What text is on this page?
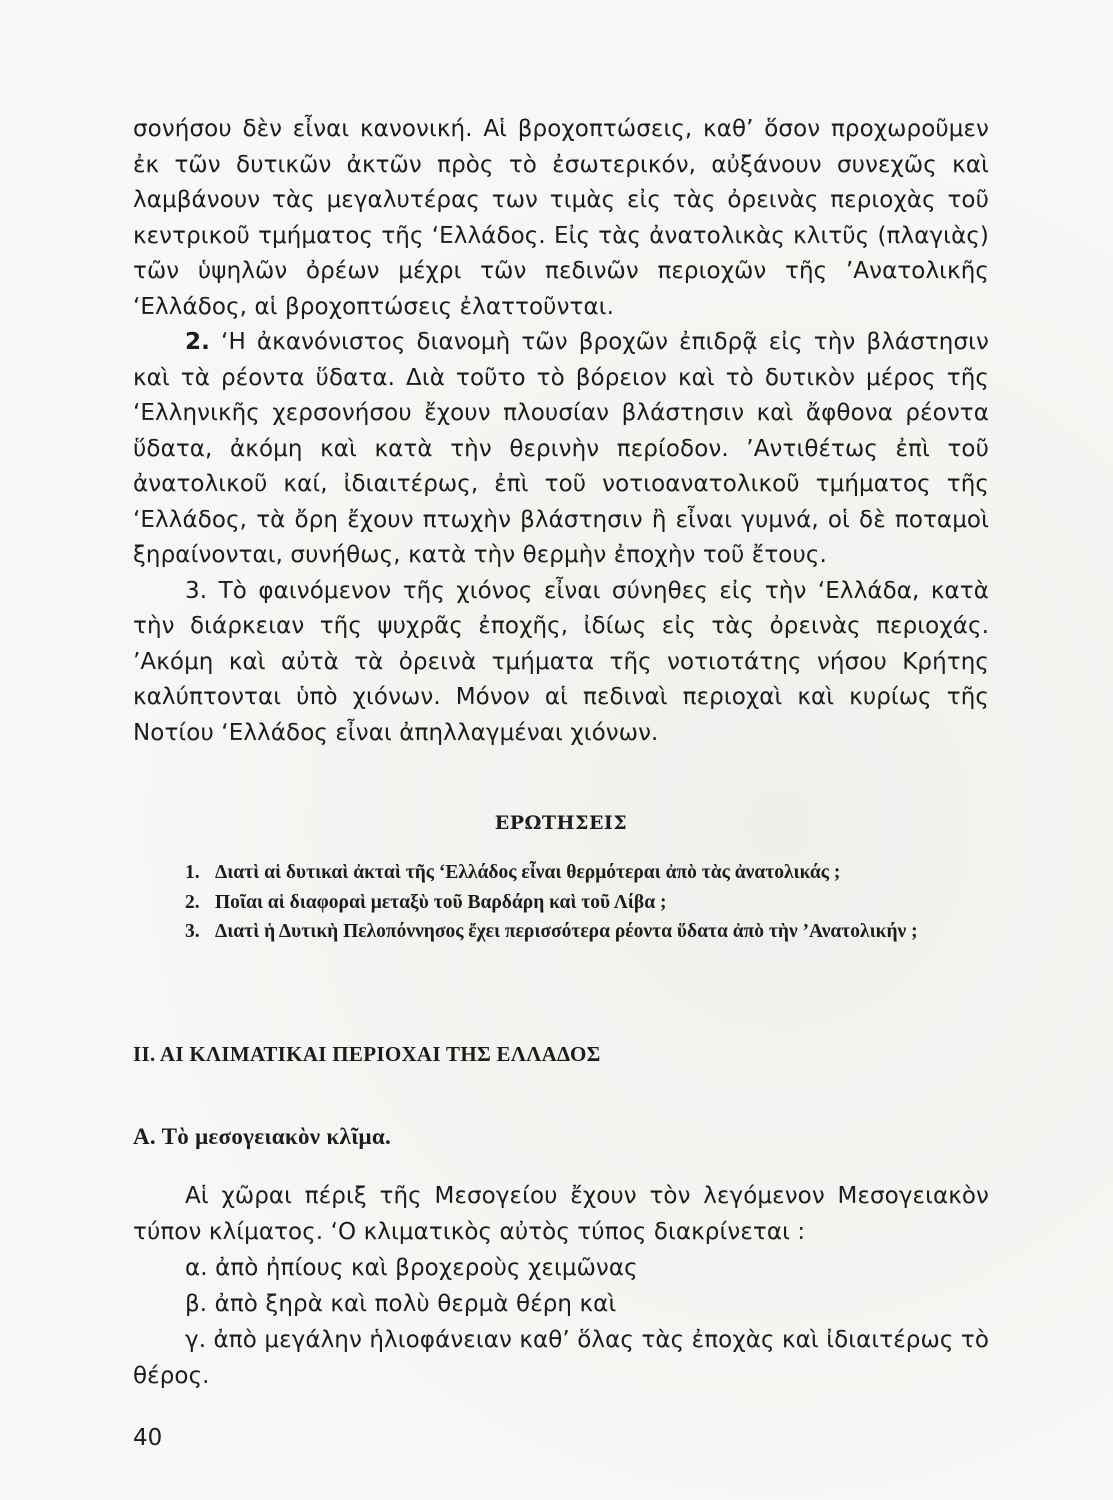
σονήσου δὲν εἶναι κανονική. Αἱ βροχοπτώσεις, καθ’ ὅσον προχωροῦμεν ἐκ τῶν δυτικῶν ἀκτῶν πρὸς τὸ ἐσωτερικόν, αὐξάνουν συνεχῶς καὶ λαμβάνουν τὰς μεγαλυτέρας των τιμὰς εἰς τὰς ὀρεινὰς περιοχὰς τοῦ κεντρικοῦ τμήματος τῆς ‘Ελλάδος. Εἰς τὰς ἀνατολικὰς κλιτῦς (πλαγιὰς) τῶν ὑψηλῶν ὀρέων μέχρι τῶν πεδινῶν περιοχῶν τῆς ’Ανατολικῆς ‘Ελλάδος, αἱ βροχοπτώσεις ἐλαττοῦνται.

2. ‘Η ἀκανόνιστος διανομὴ τῶν βροχῶν ἐπιδρᾷ εἰς τὴν βλάστησιν καὶ τὰ ρέοντα ὕδατα. Διὰ τοῦτο τὸ βόρειον καὶ τὸ δυτικὸν μέρος τῆς ‘Ελληνικῆς χερσονήσου ἔχουν πλουσίαν βλάστησιν καὶ ἄφθονα ρέοντα ὕδατα, ἀκόμη καὶ κατὰ τὴν θερινὴν περίοδον. ’Αντιθέτως ἐπὶ τοῦ ἀνατολικοῦ καί, ἰδιαιτέρως, ἐπὶ τοῦ νοτιοανατολικοῦ τμήματος τῆς ‘Ελλάδος, τὰ ὄρη ἔχουν πτωχὴν βλάστησιν ἢ εἶναι γυμνά, οἱ δὲ ποταμοὶ ξηραίνονται, συνήθως, κατὰ τὴν θερμὴν ἐποχὴν τοῦ ἔτους.

3. Τὸ φαινόμενον τῆς χιόνος εἶναι σύνηθες εἰς τὴν ‘Ελλάδα, κατὰ τὴν διάρκειαν τῆς ψυχρᾶς ἐποχῆς, ἰδίως εἰς τὰς ὀρεινὰς περιοχάς. ’Ακόμη καὶ αὐτὰ τὰ ὀρεινὰ τμήματα τῆς νοτιοτάτης νήσου Κρήτης καλύπτονται ὑπὸ χιόνων. Μόνον αἱ πεδιναὶ περιοχαὶ καὶ κυρίως τῆς Νοτίου ‘Ελλάδος εἶναι ἀπηλλαγμέναι χιόνων.

ΕΡΩΤΗΣΕΙΣ
1. Διατὶ αἱ δυτικαὶ ἀκταὶ τῆς ‘Ελλάδος εἶναι θερμότεραι ἀπὸ τὰς ἀνατολικάς ;
2. Ποῖαι αἱ διαφοραὶ μεταξὺ τοῦ Βαρδάρη καὶ τοῦ Λίβα ;
3. Διατὶ ἡ Δυτικὴ Πελοπόννησος ἔχει περισσότερα ρέοντα ὕδατα ἀπὸ τὴν ’Ανατολικήν ;
ΙΙ. ΑΙ ΚΛΙΜΑΤΙΚΑΙ ΠΕΡΙΟΧΑΙ ΤΗΣ ΕΛΛΑΔΟΣ
Α. Τὸ μεσογειακὸν κλῖμα.

Αἱ χῶραι πέριξ τῆς Μεσογείου ἔχουν τὸν λεγόμενον Μεσογειακὸν τύπον κλίματος. ‘Ο κλιματικὸς αὐτὸς τύπος διακρίνεται :

α. ἀπὸ ἠπίους καὶ βροχεροὺς χειμῶνας

β. ἀπὸ ξηρὰ καὶ πολὺ θερμὰ θέρη καὶ

γ. ἀπὸ μεγάλην ἡλιοφάνειαν καθ’ ὅλας τὰς ἐποχὰς καὶ ἰδιαιτέρως τὸ θέρος.

40
